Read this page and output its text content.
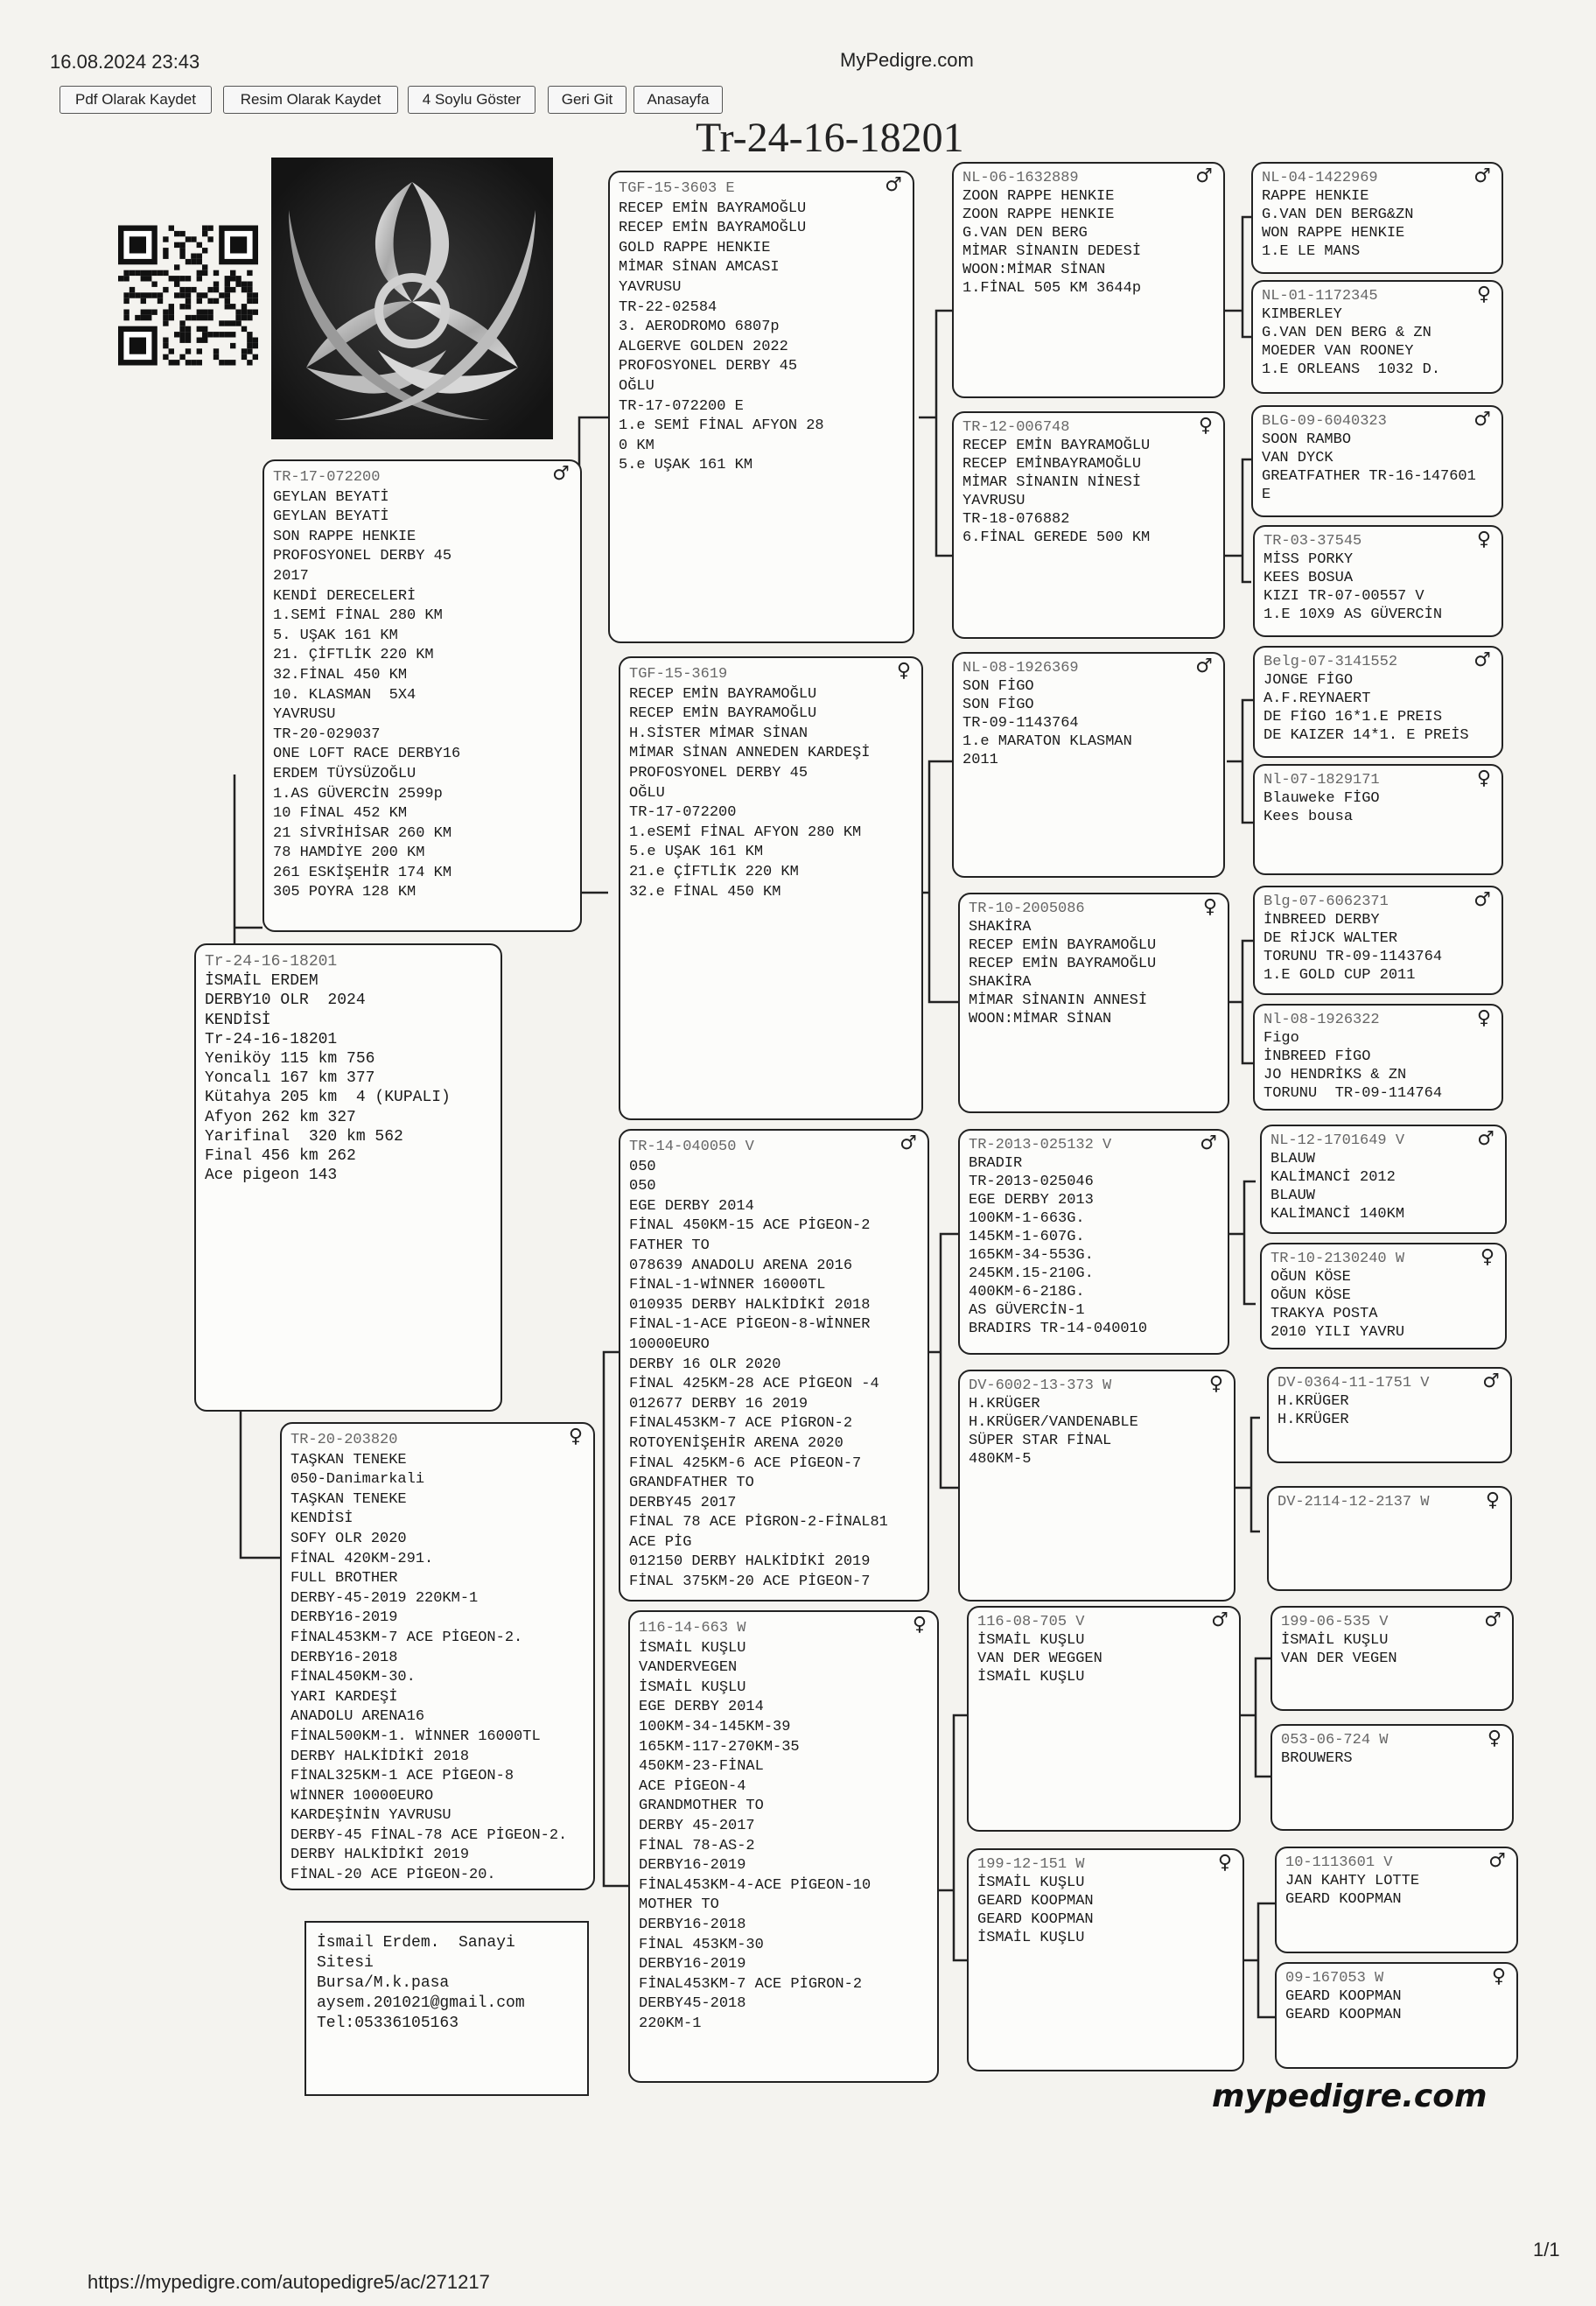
16.08.2024 23:43	MyPedigre.com
Pdf Olarak Kaydet	Resim Olarak Kaydet	4 Soylu Göster	Geri Git	Anasayfa
Tr-24-16-18201
Tr-24-16-18201
İSMAİL ERDEM
DERBY10 OLR  2024
KENDİSİ
Tr-24-16-18201
Yeniköy 115 km 756
Yoncalı 167 km 377
Kütahya 205 km  4 (KUPALI)
Afyon 262 km 327
Yarifinal  320 km 562
Final 456 km 262
Ace pigeon 143
♂
TR-17-072200
GEYLAN BEYATİ
GEYLAN BEYATİ
SON RAPPE HENKIE
PROFOSYONEL DERBY 45
2017
KENDİ DERECELERİ
1.SEMİ FİNAL 280 KM
5. UŞAK 161 KM
21. ÇİFTLİK 220 KM
32.FİNAL 450 KM
10. KLASMAN  5X4
YAVRUSU
TR-20-029037
ONE LOFT RACE DERBY16
ERDEM TÜYSÜZOĞLU
1.AS GÜVERCİN 2599p
10 FİNAL 452 KM
21 SİVRİHİSAR 260 KM
78 HAMDİYE 200 KM
261 ESKİŞEHİR 174 KM
305 POYRA 128 KM
♀
TR-20-203820
TAŞKAN TENEKE
050-Danimarkali
TAŞKAN TENEKE
KENDİSİ
SOFY OLR 2020
FİNAL 420KM-291.
FULL BROTHER
DERBY-45-2019 220KM-1
DERBY16-2019
FİNAL453KM-7 ACE PİGEON-2.
DERBY16-2018
FİNAL450KM-30.
YARI KARDEŞİ
ANADOLU ARENA16
FİNAL500KM-1. WİNNER 16000TL
DERBY HALKİDİKİ 2018
FİNAL325KM-1 ACE PİGEON-8
WİNNER 10000EURO
KARDEŞİNİN YAVRUSU
DERBY-45 FİNAL-78 ACE PİGEON-2.
DERBY HALKİDİKİ 2019
FİNAL-20 ACE PİGEON-20.
♂
TGF-15-3603 E
RECEP EMİN BAYRAMOĞLU
RECEP EMİN BAYRAMOĞLU
GOLD RAPPE HENKIE
MİMAR SİNAN AMCASI
YAVRUSU
TR-22-02584
3. AERODROMO 6807p
ALGERVE GOLDEN 2022
PROFOSYONEL DERBY 45
OĞLU
TR-17-072200 E
1.e SEMİ FİNAL AFYON 28
0 KM
5.e UŞAK 161 KM
♀
TGF-15-3619
RECEP EMİN BAYRAMOĞLU
RECEP EMİN BAYRAMOĞLU
H.SİSTER MİMAR SİNAN
MİMAR SİNAN ANNEDEN KARDEŞİ
PROFOSYONEL DERBY 45
OĞLU
TR-17-072200
1.eSEMİ FİNAL AFYON 280 KM
5.e UŞAK 161 KM
21.e ÇİFTLİK 220 KM
32.e FİNAL 450 KM
♂
TR-14-040050 V
050
050
EGE DERBY 2014
FİNAL 450KM-15 ACE PİGEON-2
FATHER TO
078639 ANADOLU ARENA 2016
FİNAL-1-WİNNER 16000TL
010935 DERBY HALKİDİKİ 2018
FİNAL-1-ACE PİGEON-8-WİNNER
10000EURO
DERBY 16 OLR 2020
FİNAL 425KM-28 ACE PİGEON -4
012677 DERBY 16 2019
FİNAL453KM-7 ACE PİGRON-2
ROTOYENİŞEHİR ARENA 2020
FİNAL 425KM-6 ACE PİGEON-7
GRANDFATHER TO
DERBY45 2017
FİNAL 78 ACE PİGRON-2-FİNAL81
ACE PİG
012150 DERBY HALKİDİKİ 2019
FİNAL 375KM-20 ACE PİGEON-7
♀
116-14-663 W
İSMAİL KUŞLU
VANDERVEGEN
İSMAİL KUŞLU
EGE DERBY 2014
100KM-34-145KM-39
165KM-117-270KM-35
450KM-23-FİNAL
ACE PİGEON-4
GRANDMOTHER TO
DERBY 45-2017
FİNAL 78-AS-2
DERBY16-2019
FİNAL453KM-4-ACE PİGEON-10
MOTHER TO
DERBY16-2018
FİNAL 453KM-30
DERBY16-2019
FİNAL453KM-7 ACE PİGRON-2
DERBY45-2018
220KM-1
♂
NL-06-1632889
ZOON RAPPE HENKIE
ZOON RAPPE HENKIE
G.VAN DEN BERG
MİMAR SİNANIN DEDESİ
WOON:MİMAR SİNAN
1.FİNAL 505 KM 3644p
♀
TR-12-006748
RECEP EMİN BAYRAMOĞLU
RECEP EMİNBAYRAMOĞLU
MİMAR SİNANIN NİNESİ
YAVRUSU
TR-18-076882
6.FİNAL GEREDE 500 KM
♂
NL-08-1926369
SON FİGO
SON FİGO
TR-09-1143764
1.e MARATON KLASMAN
2011
♀
TR-10-2005086
SHAKİRA
RECEP EMİN BAYRAMOĞLU
RECEP EMİN BAYRAMOĞLU
SHAKİRA
MİMAR SİNANIN ANNESİ
WOON:MİMAR SİNAN
♂
TR-2013-025132 V
BRADIR
TR-2013-025046
EGE DERBY 2013
100KM-1-663G.
145KM-1-607G.
165KM-34-553G.
245KM.15-210G.
400KM-6-218G.
AS GÜVERCİN-1
BRADIRS TR-14-040010
♀
DV-6002-13-373 W
H.KRÜGER
H.KRÜGER/VANDENABLE
SÜPER STAR FİNAL
480KM-5
♂
116-08-705 V
İSMAİL KUŞLU
VAN DER WEGGEN
İSMAİL KUŞLU
♀
199-12-151 W
İSMAİL KUŞLU
GEARD KOOPMAN
GEARD KOOPMAN
İSMAİL KUŞLU
♂
NL-04-1422969
RAPPE HENKIE
G.VAN DEN BERG&ZN
WON RAPPE HENKIE
1.E LE MANS
♀
NL-01-1172345
KIMBERLEY
G.VAN DEN BERG & ZN
MOEDER VAN ROONEY
1.E ORLEANS  1032 D.
♂
BLG-09-6040323
SOON RAMBO
VAN DYCK
GREATFATHER TR-16-147601
E
♀
TR-03-37545
MİSS PORKY
KEES BOSUA
KIZI TR-07-00557 V
1.E 10X9 AS GÜVERCİN
♂
Belg-07-3141552
JONGE FİGO
A.F.REYNAERT
DE FİGO 16*1.E PREIS
DE KAIZER 14*1. E PREİS
♀
Nl-07-1829171
Blauweke FİGO
Kees bousa
♂
Blg-07-6062371
İNBREED DERBY
DE RİJCK WALTER
TORUNU TR-09-1143764
1.E GOLD CUP 2011
♀
Nl-08-1926322
Figo
İNBREED FİGO
JO HENDRİKS & ZN
TORUNU  TR-09-114764
♂
NL-12-1701649 V
BLAUW
KALİMANCİ 2012
BLAUW
KALİMANCİ 140KM
♀
TR-10-2130240 W
OĞUN KÖSE
OĞUN KÖSE
TRAKYA POSTA
2010 YILI YAVRU
♂
DV-0364-11-1751 V
H.KRÜGER
H.KRÜGER
♀
DV-2114-12-2137 W
♂
199-06-535 V
İSMAİL KUŞLU
VAN DER VEGEN
♀
053-06-724 W
BROUWERS
♂
10-1113601 V
JAN KAHTY LOTTE
GEARD KOOPMAN
♀
09-167053 W
GEARD KOOPMAN
GEARD KOOPMAN
İsmail Erdem.  Sanayi
Sitesi
Bursa/M.k.pasa
aysem.201021@gmail.com
Tel:05336105163
mypedigre.com
https://mypedigre.com/autopedigre5/ac/271217
1/1
